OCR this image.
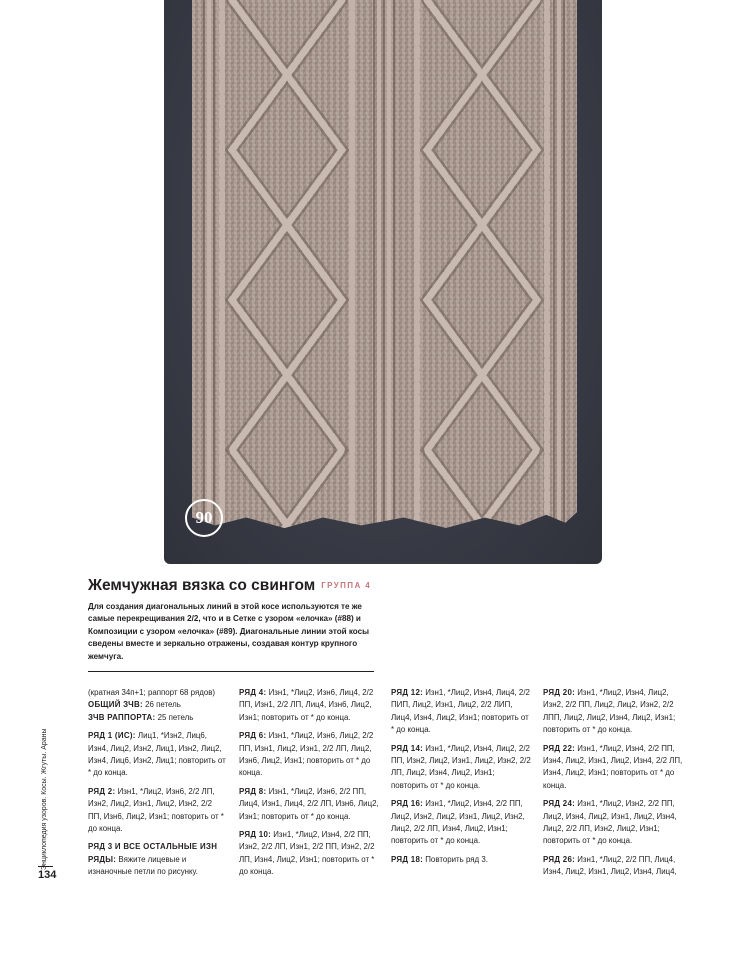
90
Жемчужная вязка со свингом ГРУППА 4

Для создания диагональных линий в этой косе используются те же самые перекрещивания 2/2, что и в Сетке с узором «елочка» (#88) и Композиции с узором «елочка» (#89). Диагональные линии этой косы сведены вместе и зеркально отражены, создавая контур крупного жемчуга.

(кратная 34п+1; раппорт 68 рядов)

ОБЩИЙ ЗЧВ: 26 петель

ЗЧВ РАППОРТА: 25 петель

РЯД 1 (ИС): Лиц1, *Изн2, Лиц6, Изн4, Лиц2, Изн2, Лиц1, Изн2, Лиц2, Изн4, Лиц6, Изн2, Лиц1; повторить от * до конца.

РЯД 2: Изн1, *Лиц2, Изн6, 2/2 ЛП, Изн2, Лиц2, Изн1, Лиц2, Изн2, 2/2 ПП, Изн6, Лиц2, Изн1; повторить от * до конца.

РЯД 3 И ВСЕ ОСТАЛЬНЫЕ ИЗН РЯДЫ: Вяжите лицевые и изнаночные петли по рисунку.

РЯД 4: Изн1, *Лиц2, Изн6, Лиц4, 2/2 ПП, Изн1, 2/2 ЛП, Лиц4, Изн6, Лиц2, Изн1; повторить от * до конца.

РЯД 6: Изн1, *Лиц2, Изн6, Лиц2, 2/2 ПП, Изн1, Лиц2, Изн1, 2/2 ЛП, Лиц2, Изн6, Лиц2, Изн1; повторить от * до конца.

РЯД 8: Изн1, *Лиц2, Изн6, 2/2 ПП, Лиц4, Изн1, Лиц4, 2/2 ЛП, Изн6, Лиц2, Изн1; повторить от * до конца.

РЯД 10: Изн1, *Лиц2, Изн4, 2/2 ПП, Изн2, 2/2 ЛП, Изн1, 2/2 ПП, Изн2, 2/2 ЛП, Изн4, Лиц2, Изн1; повторить от * до конца.

РЯД 12: Изн1, *Лиц2, Изн4, Лиц4, 2/2 ПИП, Лиц2, Изн1, Лиц2, 2/2 ЛИП, Лиц4, Изн4, Лиц2, Изн1; повторить от * до конца.

РЯД 14: Изн1, *Лиц2, Изн4, Лиц2, 2/2 ПП, Изн2, Лиц2, Изн1, Лиц2, Изн2, 2/2 ЛП, Лиц2, Изн4, Лиц2, Изн1; повторить от * до конца.

РЯД 16: Изн1, *Лиц2, Изн4, 2/2 ПП, Лиц2, Изн2, Лиц2, Изн1, Лиц2, Изн2, Лиц2, 2/2 ЛП, Изн4, Лиц2, Изн1; повторить от * до конца.

РЯД 18: Повторить ряд 3.

РЯД 20: Изн1, *Лиц2, Изн4, Лиц2, Изн2, 2/2 ПП, Лиц2, Лиц2, Изн2, 2/2 ЛПП, Лиц2, Лиц2, Изн4, Лиц2, Изн1; повторить от * до конца.

РЯД 22: Изн1, *Лиц2, Изн4, 2/2 ПП, Изн4, Лиц2, Изн1, Лиц2, Изн4, 2/2 ЛП, Изн4, Лиц2, Изн1; повторить от * до конца.

РЯД 24: Изн1, *Лиц2, Изн2, 2/2 ПП, Лиц2, Изн4, Лиц2, Изн1, Лиц2, Изн4, Лиц2, 2/2 ЛП, Изн2, Лиц2, Изн1; повторить от * до конца.

РЯД 26: Изн1, *Лиц2, 2/2 ПП, Лиц4, Изн4, Лиц2, Изн1, Лиц2, Изн4, Лиц4,

Энциклопедия узоров. Косы. Жгуты. Араны
134
